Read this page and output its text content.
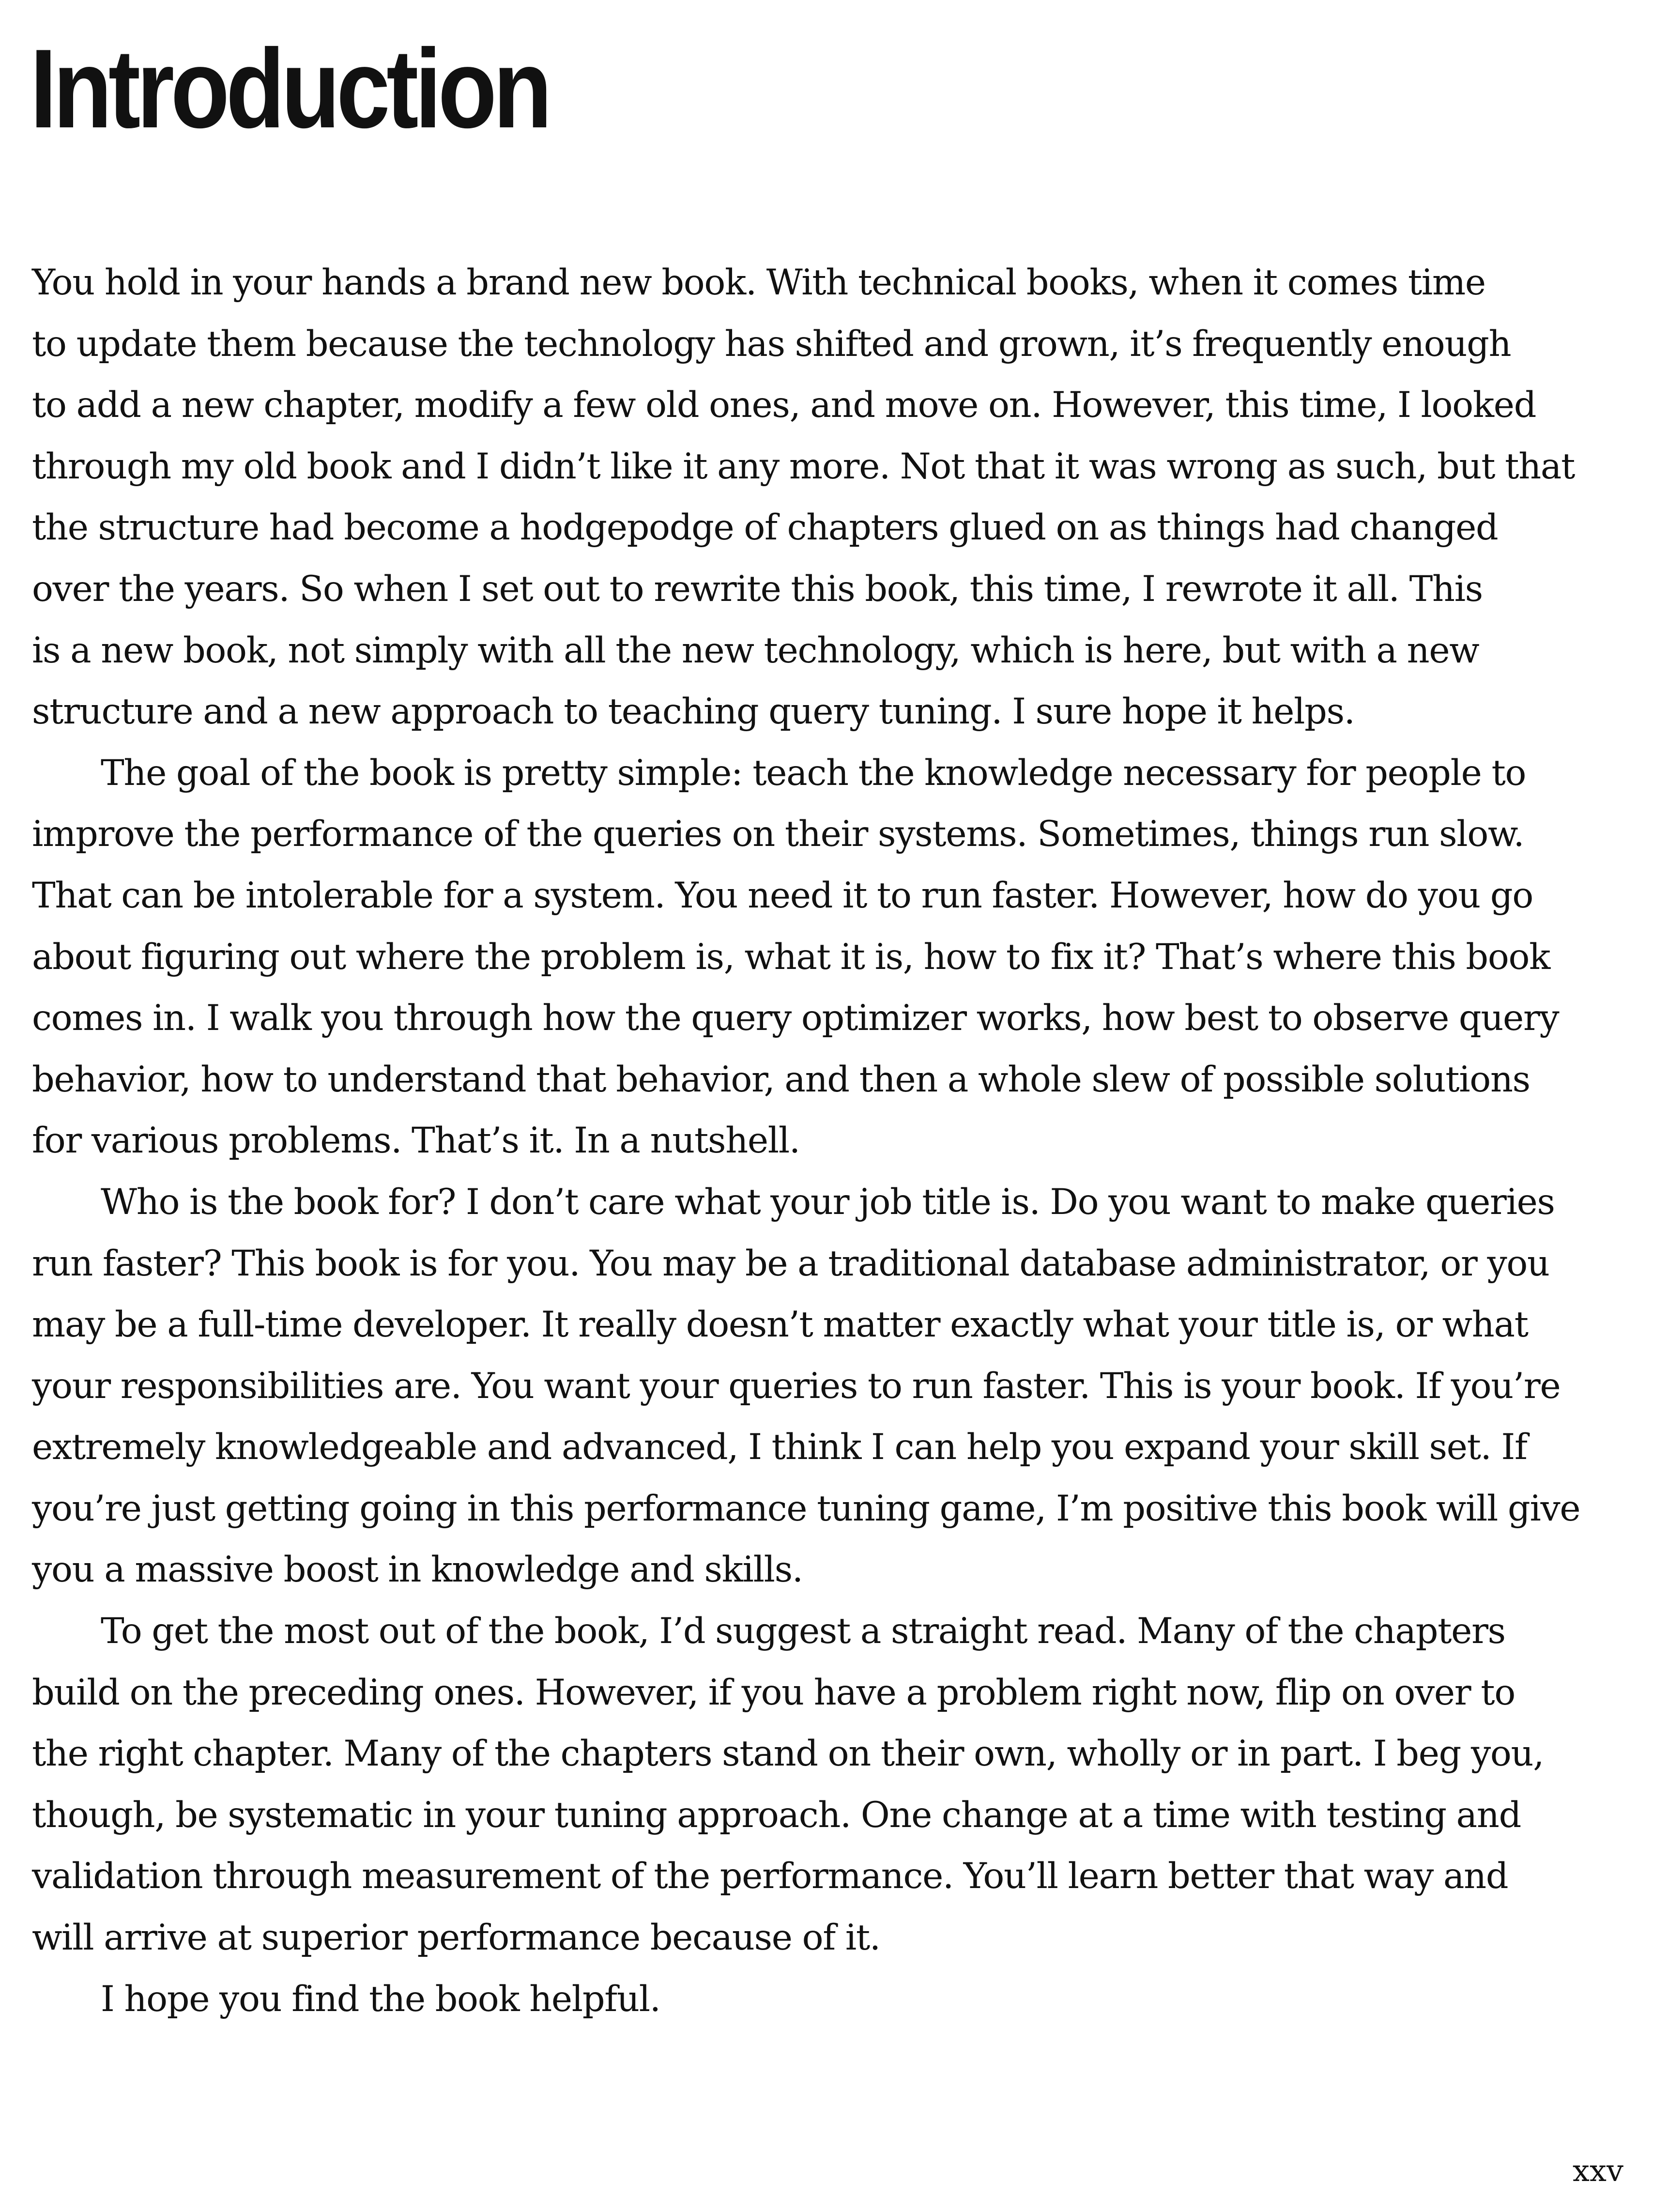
Introduction

You hold in your hands a brand new book. With technical books, when it comes time
to update them because the technology has shifted and grown, it’s frequently enough
to add a new chapter, modify a few old ones, and move on. However, this time, I looked
through my old book and I didn’t like it any more. Not that it was wrong as such, but that
the structure had become a hodgepodge of chapters glued on as things had changed
over the years. So when I set out to rewrite this book, this time, I rewrote it all. This
is a new book, not simply with all the new technology, which is here, but with a new
structure and a new approach to teaching query tuning. I sure hope it helps.

The goal of the book is pretty simple: teach the knowledge necessary for people to
improve the performance of the queries on their systems. Sometimes, things run slow.
That can be intolerable for a system. You need it to run faster. However, how do you go
about figuring out where the problem is, what it is, how to fix it? That’s where this book
comes in. I walk you through how the query optimizer works, how best to observe query
behavior, how to understand that behavior, and then a whole slew of possible solutions
for various problems. That’s it. In a nutshell.

Who is the book for? I don’t care what your job title is. Do you want to make queries
run faster? This book is for you. You may be a traditional database administrator, or you
may be a full-time developer. It really doesn’t matter exactly what your title is, or what
your responsibilities are. You want your queries to run faster. This is your book. If you’re
extremely knowledgeable and advanced, I think I can help you expand your skill set. If
you’re just getting going in this performance tuning game, I’m positive this book will give
you a massive boost in knowledge and skills.

To get the most out of the book, I’d suggest a straight read. Many of the chapters
build on the preceding ones. However, if you have a problem right now, flip on over to
the right chapter. Many of the chapters stand on their own, wholly or in part. I beg you,
though, be systematic in your tuning approach. One change at a time with testing and
validation through measurement of the performance. You’ll learn better that way and
will arrive at superior performance because of it.

I hope you find the book helpful.

xxv
